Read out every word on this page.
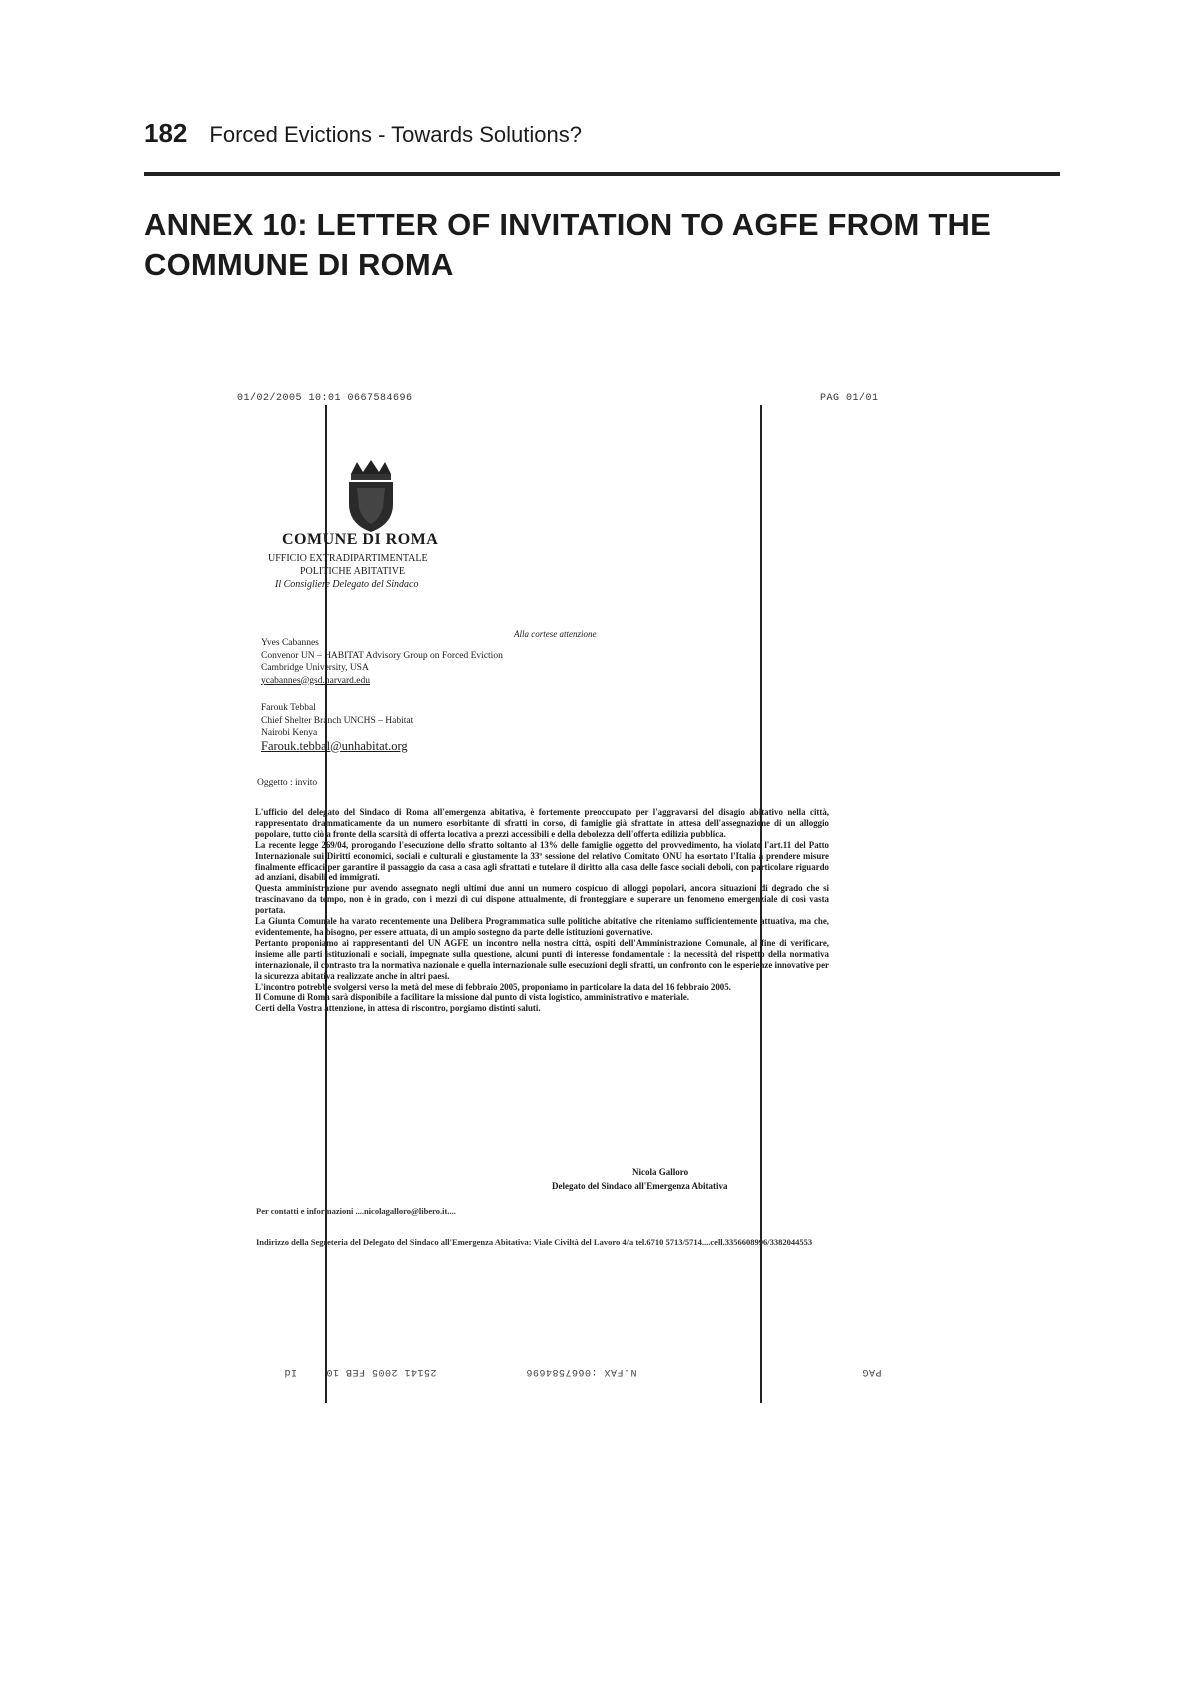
182 Forced Evictions - Towards Solutions?
ANNEX 10: LETTER OF INVITATION TO AGFE FROM THE
COMMUNE DI ROMA
01/02/2005 10:01 0667584696	PAG 01/01
COMUNE DI ROMA
UFFICIO EXTRADIPARTIMENTALE
POLITICHE ABITATIVE
Il Consigliere Delegato del Sindaco
Alla cortese attenzione
Yves Cabannes
Convenor UN – HABITAT Advisory Group on Forced Eviction
Cambridge University, USA
ycabannes@gsd.harvard.edu
Farouk Tebbal
Chief Shelter Branch UNCHS – Habitat
Nairobi Kenya
Farouk.tebbal@unhabitat.org
Oggetto : invito

L'ufficio del delegato del Sindaco di Roma all'emergenza abitativa, è fortemente preoccupato per l'aggravarsi del disagio abitativo nella città, rappresentato drammaticamente da un numero esorbitante di sfratti in corso, di famiglie già sfrattate in attesa dell'assegnazione di un alloggio popolare, tutto ciò a fronte della scarsità di offerta locativa a prezzi accessibili e della debolezza dell'offerta edilizia pubblica.

La recente legge 269/04, prorogando l'esecuzione dello sfratto soltanto al 13% delle famiglie oggetto del provvedimento, ha violato l'art.11 del Patto Internazionale sui Diritti economici, sociali e culturali e giustamente la 33ª sessione del relativo Comitato ONU ha esortato l'Italia a prendere misure finalmente efficaci per garantire il passaggio da casa a casa agli sfrattati e tutelare il diritto alla casa delle fasce sociali deboli, con particolare riguardo ad anziani, disabili ed immigrati.

Questa amministrazione pur avendo assegnato negli ultimi due anni un numero cospicuo di alloggi popolari, ancora situazioni di degrado che si trascinavano da tempo, non è in grado, con i mezzi di cui dispone attualmente, di fronteggiare e superare un fenomeno emergenziale di così vasta portata.

La Giunta Comunale ha varato recentemente una Delibera Programmatica sulle politiche abitative che riteniamo sufficientemente attuativa, ma che, evidentemente, ha bisogno, per essere attuata, di un ampio sostegno da parte delle istituzioni governative.

Pertanto proponiamo ai rappresentanti del UN AGFE un incontro nella nostra città, ospiti dell'Amministrazione Comunale, al fine di verificare, insieme alle parti istituzionali e sociali, impegnate sulla questione, alcuni punti di interesse fondamentale : la necessità del rispetto della normativa internazionale, il contrasto tra la normativa nazionale e quella internazionale sulle esecuzioni degli sfratti, un confronto con le esperienze innovative per la sicurezza abitativa realizzate anche in altri paesi.

L'incontro potrebbe svolgersi verso la metà del mese di febbraio 2005, proponiamo in particolare la data del 16 febbraio 2005.

Il Comune di Roma sarà disponibile a facilitare la missione dal punto di vista logistico, amministrativo e materiale.

Certi della Vostra attenzione, in attesa di riscontro, porgiamo distinti saluti.

Nicola Galloro
Delegato del Sindaco all'Emergenza Abitativa
Per contatti e informazioni ....nicolagalloro@libero.it....
Indirizzo della Segreteria del Delegato del Sindaco all'Emergenza Abitativa: Viale Civiltà del Lavoro 4/a tel.6710 5713/5714....cell.3356608996/3382044553
Id	25141 2005 FEB 10	N.FAX :0667584696	PAG
